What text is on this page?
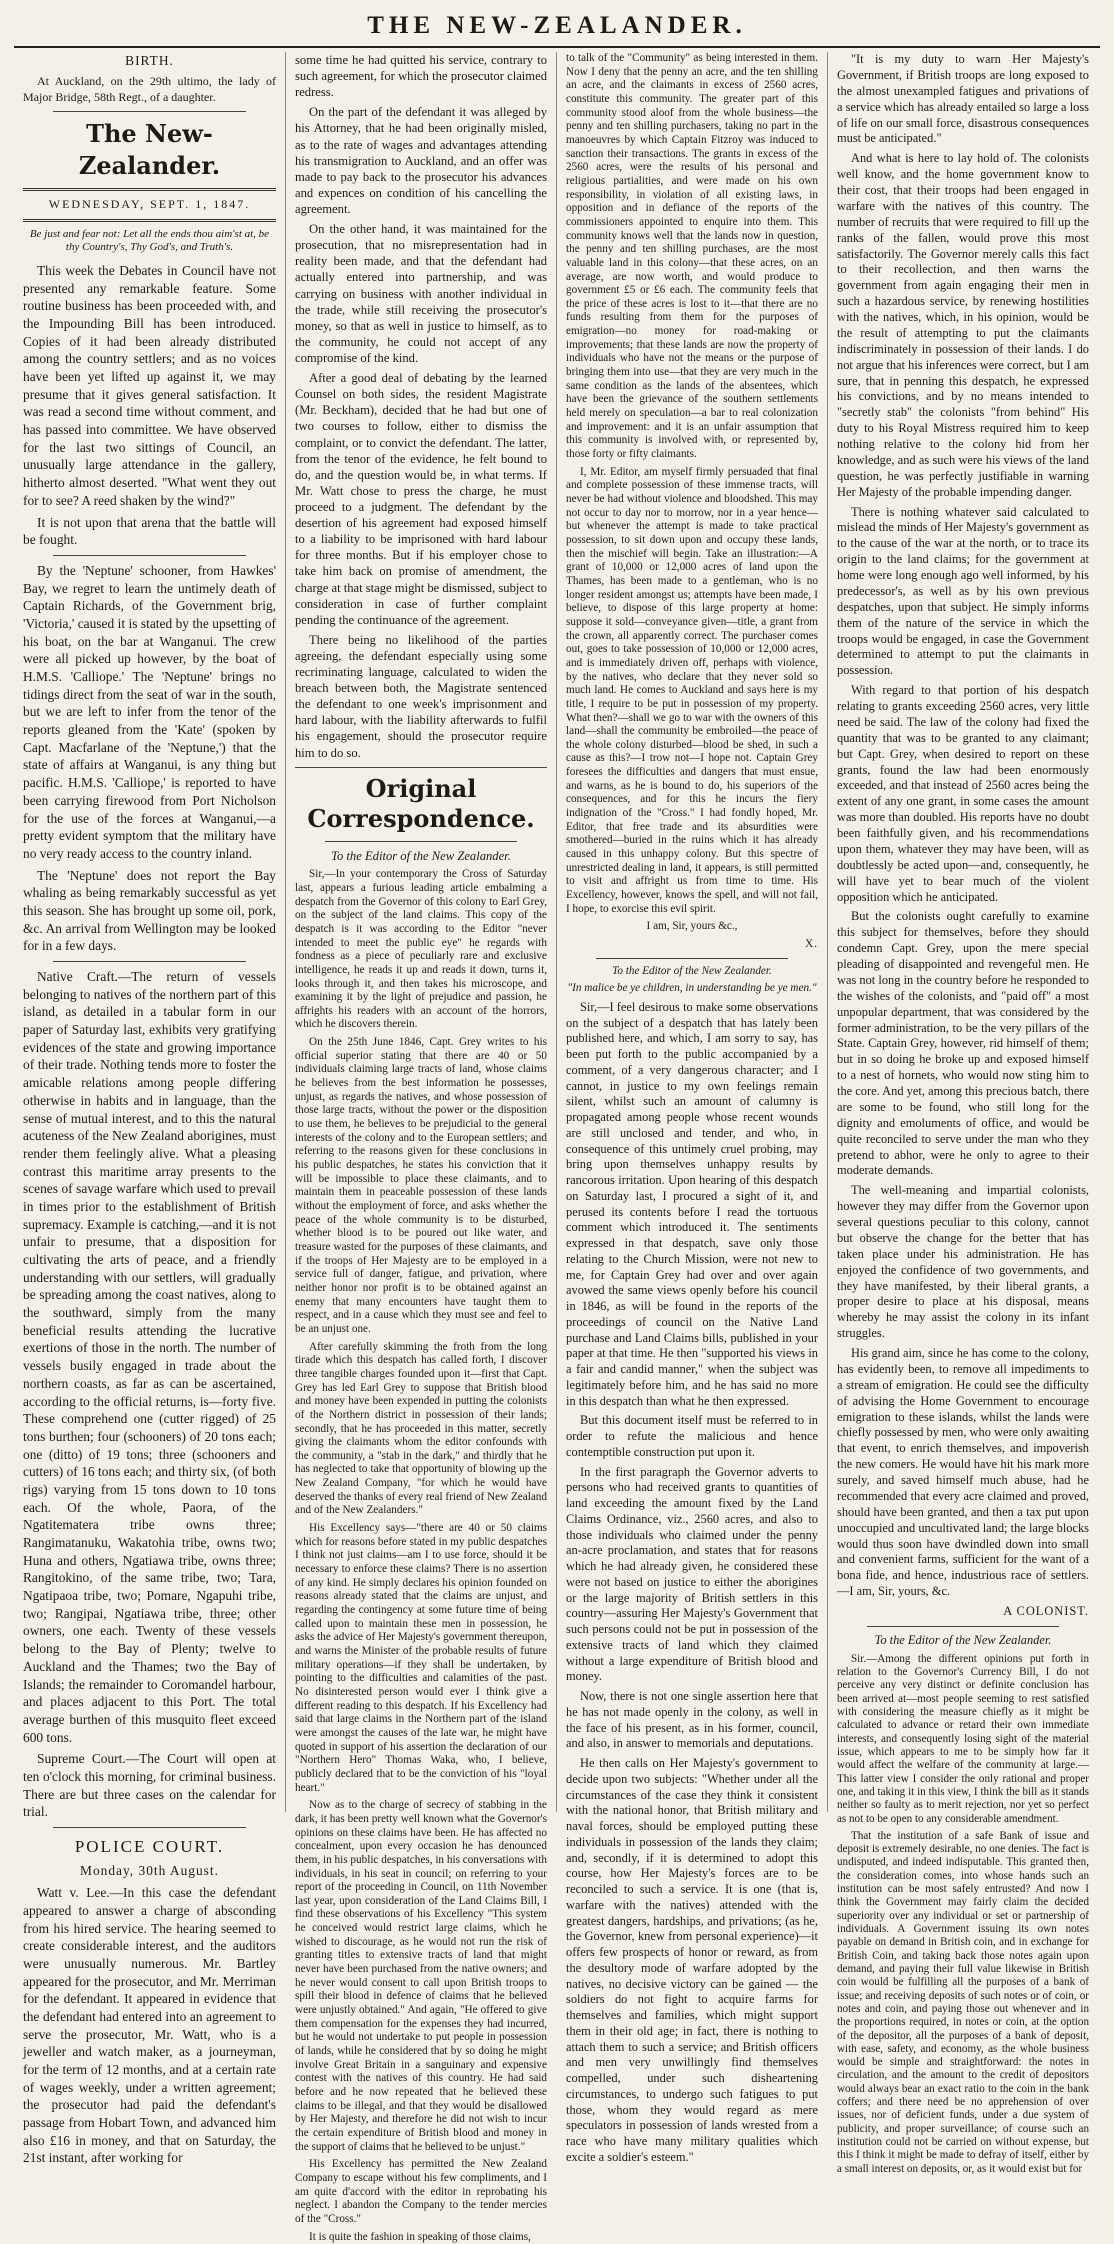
THE NEW-ZEALANDER.

BIRTH.

At Auckland, on the 29th ultimo, the lady of Major Bridge, 58th Regt., of a daughter.

The New-Zealander.
WEDNESDAY, SEPT. 1, 1847.
Be just and fear not: Let all the ends thou aim'st at, be thy Country's, Thy God's, and Truth's.

This week the Debates in Council have not presented any remarkable feature. Some routine business has been proceeded with, and the Impounding Bill has been introduced. Copies of it had been already distributed among the country settlers; and as no voices have been yet lifted up against it, we may presume that it gives general satisfaction. It was read a second time without comment, and has passed into committee. We have observed for the last two sittings of Council, an unusually large attendance in the gallery, hitherto almost deserted. "What went they out for to see? A reed shaken by the wind?"

It is not upon that arena that the battle will be fought.

By the 'Neptune' schooner, from Hawkes' Bay, we regret to learn the untimely death of Captain Richards, of the Government brig, 'Victoria,' caused it is stated by the upsetting of his boat, on the bar at Wanganui. The crew were all picked up however, by the boat of H.M.S. 'Calliope.' The 'Neptune' brings no tidings direct from the seat of war in the south, but we are left to infer from the tenor of the reports gleaned from the 'Kate' (spoken by Capt. Macfarlane of the 'Neptune,') that the state of affairs at Wanganui, is any thing but pacific. H.M.S. 'Calliope,' is reported to have been carrying firewood from Port Nicholson for the use of the forces at Wanganui,—a pretty evident symptom that the military have no very ready access to the country inland.

The 'Neptune' does not report the Bay whaling as being remarkably successful as yet this season. She has brought up some oil, pork, &c. An arrival from Wellington may be looked for in a few days.

Native Craft.—The return of vessels belonging to natives of the northern part of this island, as detailed in a tabular form in our paper of Saturday last, exhibits very gratifying evidences of the state and growing importance of their trade. Nothing tends more to foster the amicable relations among people differing otherwise in habits and in language, than the sense of mutual interest, and to this the natural acuteness of the New Zealand aborigines, must render them feelingly alive. What a pleasing contrast this maritime array presents to the scenes of savage warfare which used to prevail in times prior to the establishment of British supremacy. Example is catching,—and it is not unfair to presume, that a disposition for cultivating the arts of peace, and a friendly understanding with our settlers, will gradually be spreading among the coast natives, along to the southward, simply from the many beneficial results attending the lucrative exertions of those in the north. The number of vessels busily engaged in trade about the northern coasts, as far as can be ascertained, according to the official returns, is—forty five. These comprehend one (cutter rigged) of 25 tons burthen; four (schooners) of 20 tons each; one (ditto) of 19 tons; three (schooners and cutters) of 16 tons each; and thirty six, (of both rigs) varying from 15 tons down to 10 tons each. Of the whole, Paora, of the Ngatitematera tribe owns three; Rangimatanuku, Wakatohia tribe, owns two; Huna and others, Ngatiawa tribe, owns three; Rangitokino, of the same tribe, two; Tara, Ngatipaoa tribe, two; Pomare, Ngapuhi tribe, two; Rangipai, Ngatiawa tribe, three; other owners, one each. Twenty of these vessels belong to the Bay of Plenty; twelve to Auckland and the Thames; two the Bay of Islands; the remainder to Coromandel harbour, and places adjacent to this Port. The total average burthen of this musquito fleet exceed 600 tons.

Supreme Court.—The Court will open at ten o'clock this morning, for criminal business. There are but three cases on the calendar for trial.

POLICE COURT.

Monday, 30th August.

Watt v. Lee.—In this case the defendant appeared to answer a charge of absconding from his hired service. The hearing seemed to create considerable interest, and the auditors were unusually numerous. Mr. Bartley appeared for the prosecutor, and Mr. Merriman for the defendant. It appeared in evidence that the defendant had entered into an agreement to serve the prosecutor, Mr. Watt, who is a jeweller and watch maker, as a journeyman, for the term of 12 months, and at a certain rate of wages weekly, under a written agreement; the prosecutor had paid the defendant's passage from Hobart Town, and advanced him also £16 in money, and that on Saturday, the 21st instant, after working for

some time he had quitted his service, contrary to such agreement, for which the prosecutor claimed redress.

On the part of the defendant it was alleged by his Attorney, that he had been originally misled, as to the rate of wages and advantages attending his transmigration to Auckland, and an offer was made to pay back to the prosecutor his advances and expences on condition of his cancelling the agreement.

On the other hand, it was maintained for the prosecution, that no misrepresentation had in reality been made, and that the defendant had actually entered into partnership, and was carrying on business with another individual in the trade, while still receiving the prosecutor's money, so that as well in justice to himself, as to the community, he could not accept of any compromise of the kind.

After a good deal of debating by the learned Counsel on both sides, the resident Magistrate (Mr. Beckham), decided that he had but one of two courses to follow, either to dismiss the complaint, or to convict the defendant. The latter, from the tenor of the evidence, he felt bound to do, and the question would be, in what terms. If Mr. Watt chose to press the charge, he must proceed to a judgment. The defendant by the desertion of his agreement had exposed himself to a liability to be imprisoned with hard labour for three months. But if his employer chose to take him back on promise of amendment, the charge at that stage might be dismissed, subject to consideration in case of further complaint pending the continuance of the agreement.

There being no likelihood of the parties agreeing, the defendant especially using some recriminating language, calculated to widen the breach between both, the Magistrate sentenced the defendant to one week's imprisonment and hard labour, with the liability afterwards to fulfil his engagement, should the prosecutor require him to do so.

Original Correspondence.

To the Editor of the New Zealander.

Sir,—In your contemporary the Cross of Saturday last, appears a furious leading article embalming a despatch from the Governor of this colony to Earl Grey, on the subject of the land claims. This copy of the despatch is it was according to the Editor "never intended to meet the public eye" he regards with fondness as a piece of peculiarly rare and exclusive intelligence, he reads it up and reads it down, turns it, looks through it, and then takes his microscope, and examining it by the light of prejudice and passion, he affrights his readers with an account of the horrors, which he discovers therein.

On the 25th June 1846, Capt. Grey writes to his official superior stating that there are 40 or 50 individuals claiming large tracts of land, whose claims he believes from the best information he possesses, unjust, as regards the natives, and whose possession of those large tracts, without the power or the disposition to use them, he believes to be prejudicial to the general interests of the colony and to the European settlers; and referring to the reasons given for these conclusions in his public despatches, he states his conviction that it will be impossible to place these claimants, and to maintain them in peaceable possession of these lands without the employment of force, and asks whether the peace of the whole community is to be disturbed, whether blood is to be poured out like water, and treasure wasted for the purposes of these claimants, and if the troops of Her Majesty are to be employed in a service full of danger, fatigue, and privation, where neither honor nor profit is to be obtained against an enemy that many encounters have taught them to respect, and in a cause which they must see and feel to be an unjust one.

After carefully skimming the froth from the long tirade which this despatch has called forth, I discover three tangible charges founded upon it—first that Capt. Grey has led Earl Grey to suppose that British blood and money have been expended in putting the colonists of the Northern district in possession of their lands; secondly, that he has proceeded in this matter, secretly giving the claimants whom the editor confounds with the community, a "stab in the dark," and thirdly that he has neglected to take that opportunity of blowing up the New Zealand Company, "for which he would have deserved the thanks of every real friend of New Zealand and of the New Zealanders."

His Excellency says—"there are 40 or 50 claims which for reasons before stated in my public despatches I think not just claims—am I to use force, should it be necessary to enforce these claims? There is no assertion of any kind. He simply declares his opinion founded on reasons already stated that the claims are unjust, and regarding the contingency at some future time of being called upon to maintain these men in possession, he asks the advice of Her Majesty's government thereupon, and warns the Minister of the probable results of future military operations—if they shall be undertaken, by pointing to the difficulties and calamities of the past. No disinterested person would ever I think give a different reading to this despatch. If his Excellency had said that large claims in the Northern part of the island were amongst the causes of the late war, he might have quoted in support of his assertion the declaration of our "Northern Hero" Thomas Waka, who, I believe, publicly declared that to be the conviction of his "loyal heart."

Now as to the charge of secrecy of stabbing in the dark, it has been pretty well known what the Governor's opinions on these claims have been. He has affected no concealment, upon every occasion he has denounced them, in his public despatches, in his conversations with individuals, in his seat in council; on referring to your report of the proceeding in Council, on 11th November last year, upon consideration of the Land Claims Bill, I find these observations of his Excellency "This system he conceived would restrict large claims, which he wished to discourage, as he would not run the risk of granting titles to extensive tracts of land that might never have been purchased from the native owners; and he never would consent to call upon British troops to spill their blood in defence of claims that he believed were unjustly obtained." And again, "He offered to give them compensation for the expenses they had incurred, but he would not undertake to put people in possession of lands, while he considered that by so doing he might involve Great Britain in a sanguinary and expensive contest with the natives of this country. He had said before and he now repeated that he believed these claims to be illegal, and that they would be disallowed by Her Majesty, and therefore he did not wish to incur the certain expenditure of British blood and money in the support of claims that he believed to be unjust."

His Excellency has permitted the New Zealand Company to escape without his few compliments, and I am quite d'accord with the editor in reprobating his neglect. I abandon the Company to the tender mercies of the "Cross."

It is quite the fashion in speaking of those claims,

to talk of the "Community" as being interested in them. Now I deny that the penny an acre, and the ten shilling an acre, and the claimants in excess of 2560 acres, constitute this community. The greater part of this community stood aloof from the whole business—the penny and ten shilling purchasers, taking no part in the manoeuvres by which Captain Fitzroy was induced to sanction their transactions. The grants in excess of the 2560 acres, were the results of his personal and religious partialities, and were made on his own responsibility, in violation of all existing laws, in opposition and in defiance of the reports of the commissioners appointed to enquire into them. This community knows well that the lands now in question, the penny and ten shilling purchases, are the most valuable land in this colony—that these acres, on an average, are now worth, and would produce to government £5 or £6 each. The community feels that the price of these acres is lost to it—that there are no funds resulting from them for the purposes of emigration—no money for road-making or improvements; that these lands are now the property of individuals who have not the means or the purpose of bringing them into use—that they are very much in the same condition as the lands of the absentees, which have been the grievance of the southern settlements held merely on speculation—a bar to real colonization and improvement: and it is an unfair assumption that this community is involved with, or represented by, those forty or fifty claimants.

I, Mr. Editor, am myself firmly persuaded that final and complete possession of these immense tracts, will never be had without violence and bloodshed. This may not occur to day nor to morrow, nor in a year hence—but whenever the attempt is made to take practical possession, to sit down upon and occupy these lands, then the mischief will begin. Take an illustration:—A grant of 10,000 or 12,000 acres of land upon the Thames, has been made to a gentleman, who is no longer resident amongst us; attempts have been made, I believe, to dispose of this large property at home: suppose it sold—conveyance given—title, a grant from the crown, all apparently correct. The purchaser comes out, goes to take possession of 10,000 or 12,000 acres, and is immediately driven off, perhaps with violence, by the natives, who declare that they never sold so much land. He comes to Auckland and says here is my title, I require to be put in possession of my property. What then?—shall we go to war with the owners of this land—shall the community be embroiled—the peace of the whole colony disturbed—blood be shed, in such a cause as this?—I trow not—I hope not. Captain Grey foresees the difficulties and dangers that must ensue, and warns, as he is bound to do, his superiors of the consequences, and for this he incurs the fiery indignation of the "Cross." I had fondly hoped, Mr. Editor, that free trade and its absurdities were smothered—buried in the ruins which it has already caused in this unhappy colony. But this spectre of unrestricted dealing in land, it appears, is still permitted to visit and affright us from time to time. His Excellency, however, knows the spell, and will not fail, I hope, to exorcise this evil spirit.

I am, Sir, yours &c.,

X.

To the Editor of the New Zealander.

"In malice be ye children, in understanding be ye men."

Sir,—I feel desirous to make some observations on the subject of a despatch that has lately been published here, and which, I am sorry to say, has been put forth to the public accompanied by a comment, of a very dangerous character; and I cannot, in justice to my own feelings remain silent, whilst such an amount of calumny is propagated among people whose recent wounds are still unclosed and tender, and who, in consequence of this untimely cruel probing, may bring upon themselves unhappy results by rancorous irritation. Upon hearing of this despatch on Saturday last, I procured a sight of it, and perused its contents before I read the tortuous comment which introduced it. The sentiments expressed in that despatch, save only those relating to the Church Mission, were not new to me, for Captain Grey had over and over again avowed the same views openly before his council in 1846, as will be found in the reports of the proceedings of council on the Native Land purchase and Land Claims bills, published in your paper at that time. He then "supported his views in a fair and candid manner," when the subject was legitimately before him, and he has said no more in this despatch than what he then expressed.

But this document itself must be referred to in order to refute the malicious and hence contemptible construction put upon it.

In the first paragraph the Governor adverts to persons who had received grants to quantities of land exceeding the amount fixed by the Land Claims Ordinance, viz., 2560 acres, and also to those individuals who claimed under the penny an-acre proclamation, and states that for reasons which he had already given, he considered these were not based on justice to either the aborigines or the large majority of British settlers in this country—assuring Her Majesty's Government that such persons could not be put in possession of the extensive tracts of land which they claimed without a large expenditure of British blood and money.

Now, there is not one single assertion here that he has not made openly in the colony, as well in the face of his present, as in his former, council, and also, in answer to memorials and deputations.

He then calls on Her Majesty's government to decide upon two subjects: "Whether under all the circumstances of the case they think it consistent with the national honor, that British military and naval forces, should be employed putting these individuals in possession of the lands they claim; and, secondly, if it is determined to adopt this course, how Her Majesty's forces are to be reconciled to such a service. It is one (that is, warfare with the natives) attended with the greatest dangers, hardships, and privations; (as he, the Governor, knew from personal experience)—it offers few prospects of honor or reward, as from the desultory mode of warfare adopted by the natives, no decisive victory can be gained — the soldiers do not fight to acquire farms for themselves and families, which might support them in their old age; in fact, there is nothing to attach them to such a service; and British officers and men very unwillingly find themselves compelled, under such disheartening circumstances, to undergo such fatigues to put those, whom they would regard as mere speculators in possession of lands wrested from a race who have many military qualities which excite a soldier's esteem."

"It is my duty to warn Her Majesty's Government, if British troops are long exposed to the almost unexampled fatigues and privations of a service which has already entailed so large a loss of life on our small force, disastrous consequences must be anticipated."

And what is here to lay hold of. The colonists well know, and the home government know to their cost, that their troops had been engaged in warfare with the natives of this country. The number of recruits that were required to fill up the ranks of the fallen, would prove this most satisfactorily. The Governor merely calls this fact to their recollection, and then warns the government from again engaging their men in such a hazardous service, by renewing hostilities with the natives, which, in his opinion, would be the result of attempting to put the claimants indiscriminately in possession of their lands. I do not argue that his inferences were correct, but I am sure, that in penning this despatch, he expressed his convictions, and by no means intended to "secretly stab" the colonists "from behind" His duty to his Royal Mistress required him to keep nothing relative to the colony hid from her knowledge, and as such were his views of the land question, he was perfectly justifiable in warning Her Majesty of the probable impending danger.

There is nothing whatever said calculated to mislead the minds of Her Majesty's government as to the cause of the war at the north, or to trace its origin to the land claims; for the government at home were long enough ago well informed, by his predecessor's, as well as by his own previous despatches, upon that subject. He simply informs them of the nature of the service in which the troops would be engaged, in case the Government determined to attempt to put the claimants in possession.

With regard to that portion of his despatch relating to grants exceeding 2560 acres, very little need be said. The law of the colony had fixed the quantity that was to be granted to any claimant; but Capt. Grey, when desired to report on these grants, found the law had been enormously exceeded, and that instead of 2560 acres being the extent of any one grant, in some cases the amount was more than doubled. His reports have no doubt been faithfully given, and his recommendations upon them, whatever they may have been, will as doubtlessly be acted upon—and, consequently, he will have yet to bear much of the violent opposition which he anticipated.

But the colonists ought carefully to examine this subject for themselves, before they should condemn Capt. Grey, upon the mere special pleading of disappointed and revengeful men. He was not long in the country before he responded to the wishes of the colonists, and "paid off" a most unpopular department, that was considered by the former administration, to be the very pillars of the State. Captain Grey, however, rid himself of them; but in so doing he broke up and exposed himself to a nest of hornets, who would now sting him to the core. And yet, among this precious batch, there are some to be found, who still long for the dignity and emoluments of office, and would be quite reconciled to serve under the man who they pretend to abhor, were he only to agree to their moderate demands.

The well-meaning and impartial colonists, however they may differ from the Governor upon several questions peculiar to this colony, cannot but observe the change for the better that has taken place under his administration. He has enjoyed the confidence of two governments, and they have manifested, by their liberal grants, a proper desire to place at his disposal, means whereby he may assist the colony in its infant struggles.

His grand aim, since he has come to the colony, has evidently been, to remove all impediments to a stream of emigration. He could see the difficulty of advising the Home Government to encourage emigration to these islands, whilst the lands were chiefly possessed by men, who were only awaiting that event, to enrich themselves, and impoverish the new comers. He would have hit his mark more surely, and saved himself much abuse, had he recommended that every acre claimed and proved, should have been granted, and then a tax put upon unoccupied and uncultivated land; the large blocks would thus soon have dwindled down into small and convenient farms, sufficient for the want of a bona fide, and hence, industrious race of settlers.—I am, Sir, yours, &c.

A COLONIST.

To the Editor of the New Zealander.

Sir.—Among the different opinions put forth in relation to the Governor's Currency Bill, I do not perceive any very distinct or definite conclusion has been arrived at—most people seeming to rest satisfied with considering the measure chiefly as it might be calculated to advance or retard their own immediate interests, and consequently losing sight of the material issue, which appears to me to be simply how far it would affect the welfare of the community at large.—This latter view I consider the only rational and proper one, and taking it in this view, I think the bill as it stands neither so faulty as to merit rejection, nor yet so perfect as not to be open to any considerable amendment.

That the institution of a safe Bank of issue and deposit is extremely desirable, no one denies. The fact is undisputed, and indeed indisputable. This granted then, the consideration comes, into whose hands such an institution can be most safely entrusted? And now I think the Government may fairly claim the decided superiority over any individual or set or partnership of individuals. A Government issuing its own notes payable on demand in British coin, and in exchange for British Coin, and taking back those notes again upon demand, and paying their full value likewise in British coin would be fulfilling all the purposes of a bank of issue; and receiving deposits of such notes or of coin, or notes and coin, and paying those out whenever and in the proportions required, in notes or coin, at the option of the depositor, all the purposes of a bank of deposit, with ease, safety, and economy, as the whole business would be simple and straightforward: the notes in circulation, and the amount to the credit of depositors would always bear an exact ratio to the coin in the bank coffers; and there need be no apprehension of over issues, nor of deficient funds, under a due system of publicity, and proper surveillance; of course such an institution could not be carried on without expense, but this I think it might be made to defray of itself, either by a small interest on deposits, or, as it would exist but for
